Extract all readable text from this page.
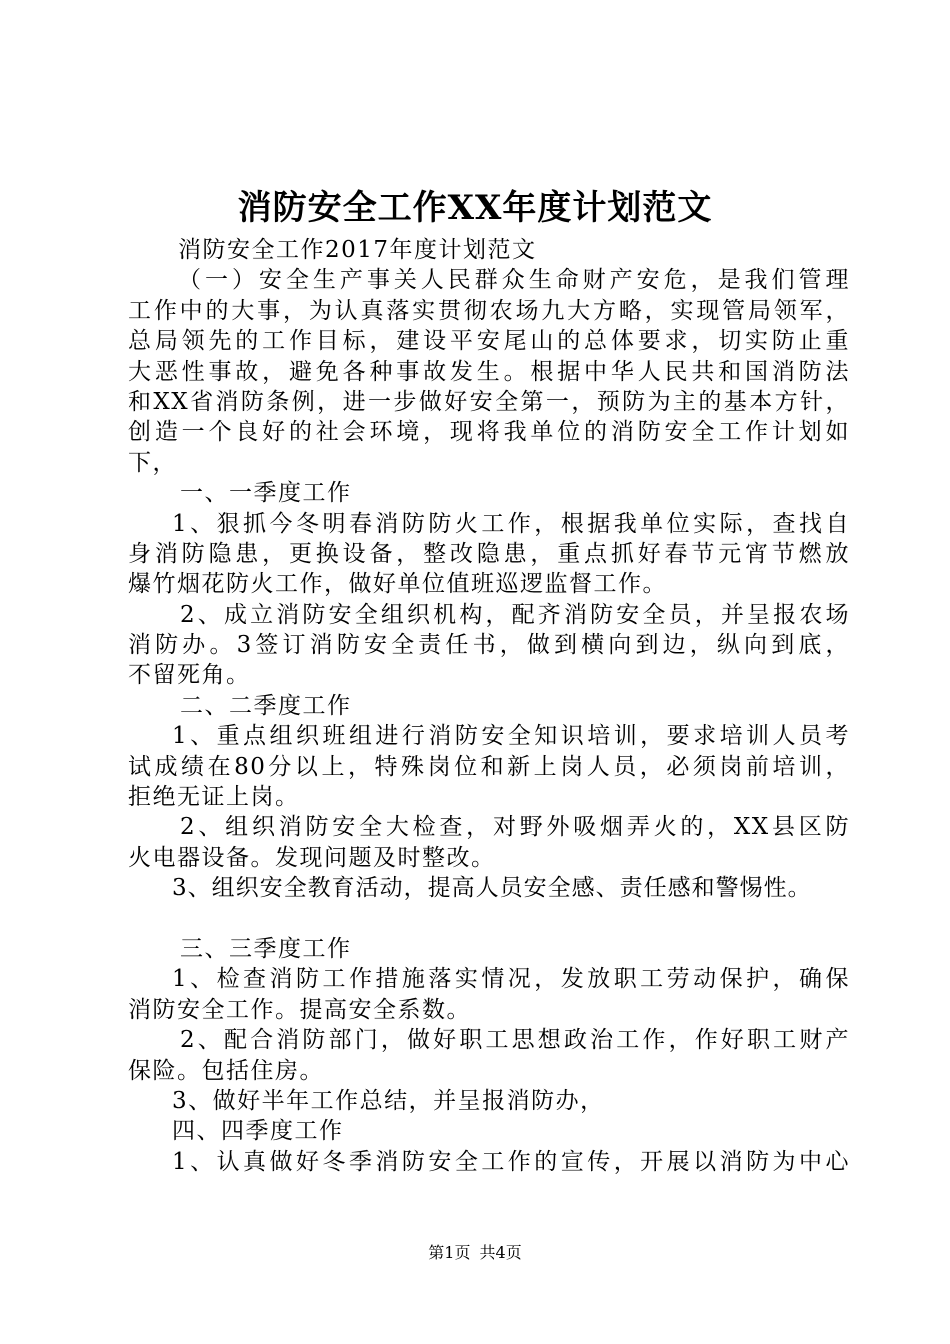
消防安全工作XX年度计划范文
消防安全工作2017年度计划范文
（一）安全生产事关人民群众生命财产安危，是我们管理
工作中的大事，为认真落实贯彻农场九大方略，实现管局领军，
总局领先的工作目标，建设平安尾山的总体要求，切实防止重
大恶性事故，避免各种事故发生。根据中华人民共和国消防法
和XX省消防条例，进一步做好安全第一，预防为主的基本方针，
创造一个良好的社会环境，现将我单位的消防安全工作计划如
下，
一、一季度工作
1、狠抓今冬明春消防防火工作，根据我单位实际，查找自
身消防隐患，更换设备，整改隐患，重点抓好春节元宵节燃放
爆竹烟花防火工作，做好单位值班巡逻监督工作。
2、成立消防安全组织机构，配齐消防安全员，并呈报农场
消防办。3签订消防安全责任书，做到横向到边，纵向到底，
不留死角。
二、二季度工作
1、重点组织班组进行消防安全知识培训，要求培训人员考
试成绩在80分以上，特殊岗位和新上岗人员，必须岗前培训，
拒绝无证上岗。
2、组织消防安全大检查，对野外吸烟弄火的，XX县区防
火电器设备。发现问题及时整改。
3、组织安全教育活动，提高人员安全感、责任感和警惕性。
三、三季度工作
1、检查消防工作措施落实情况，发放职工劳动保护，确保
消防安全工作。提高安全系数。
2、配合消防部门，做好职工思想政治工作，作好职工财产
保险。包括住房。
3、做好半年工作总结，并呈报消防办，
四、四季度工作
1、认真做好冬季消防安全工作的宣传，开展以消防为中心
第1页 共4页
